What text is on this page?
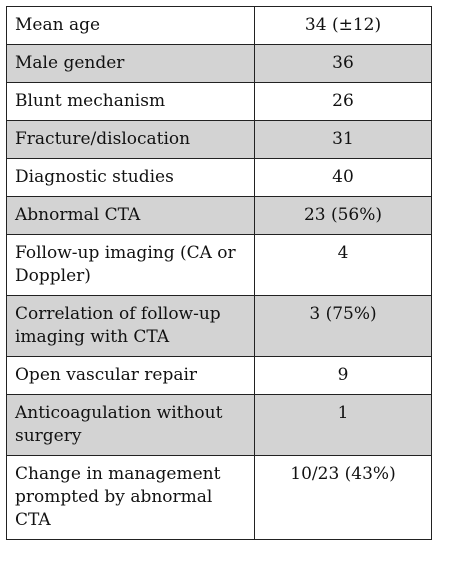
Mean age	34 (±12)
Male gender	36
Blunt mechanism	26
Fracture/dislocation	31
Diagnostic studies	40
Abnormal CTA	23 (56%)
Follow-up imaging (CA or Doppler)	4
Correlation of follow-up imaging with CTA	3 (75%)
Open vascular repair	9
Anticoagulation without surgery	1
Change in management prompted by abnormal CTA	10/23 (43%)
